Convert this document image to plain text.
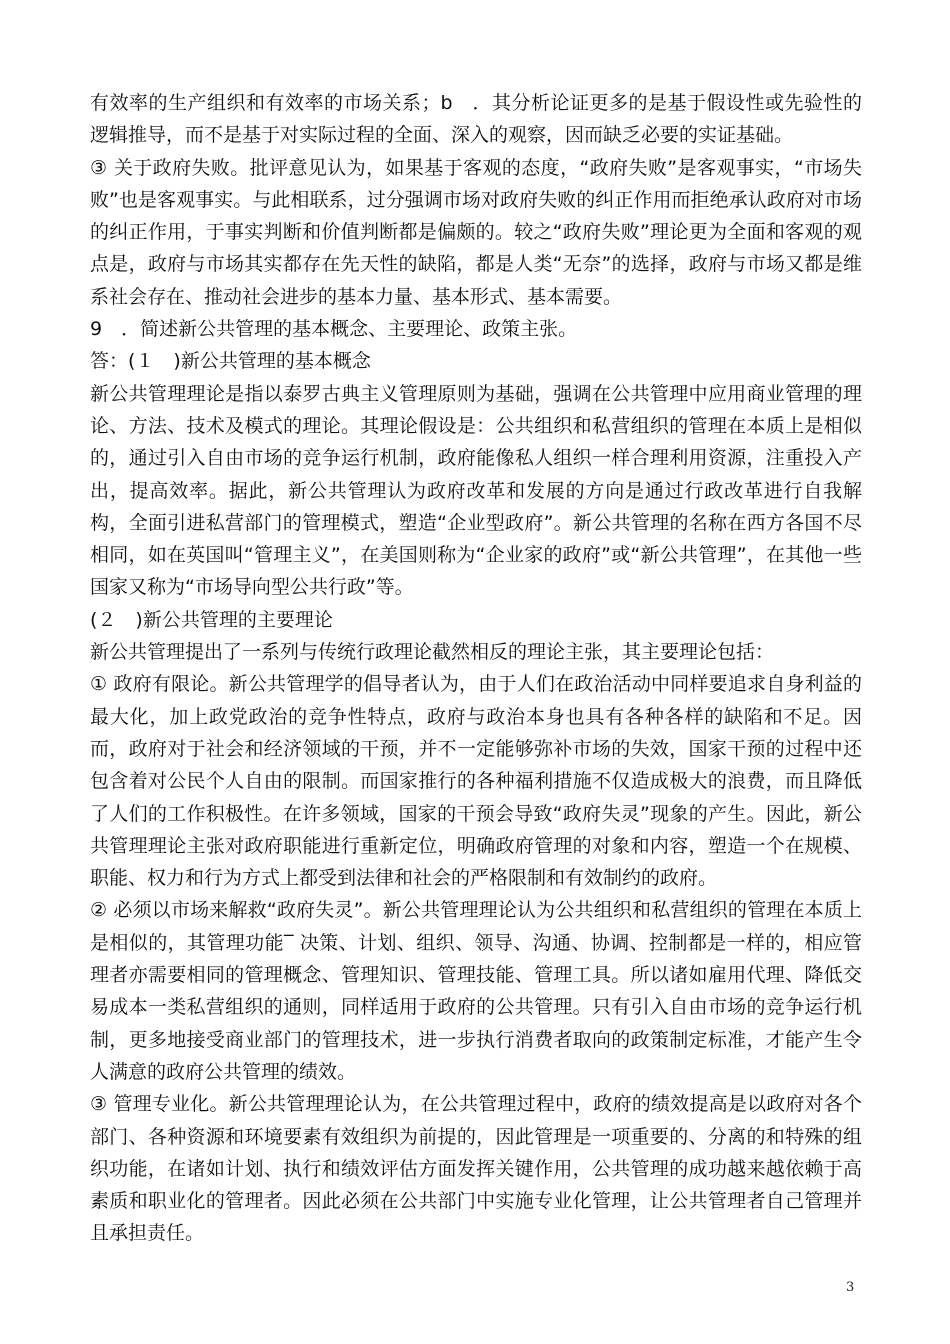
有效率的生产组织和有效率的市场关系；b　．其分析论证更多的是基于假设性或先验性的逻辑推导，而不是基于对实际过程的全面、深入的观察，因而缺乏必要的实证基础。

③ 关于政府失败。批评意见认为，如果基于客观的态度，“政府失败”是客观事实，“市场失败”也是客观事实。与此相联系，过分强调市场对政府失败的纠正作用而拒绝承认政府对市场的纠正作用，于事实判断和价值判断都是偏颇的。较之“政府失败”理论更为全面和客观的观点是，政府与市场其实都存在先天性的缺陷，都是人类“无奈”的选择，政府与市场又都是维系社会存在、推动社会进步的基本力量、基本形式、基本需要。

9　．简述新公共管理的基本概念、主要理论、政策主张。

答：(１　)新公共管理的基本概念

新公共管理理论是指以泰罗古典主义管理原则为基础，强调在公共管理中应用商业管理的理论、方法、技术及模式的理论。其理论假设是：公共组织和私营组织的管理在本质上是相似的，通过引入自由市场的竞争运行机制，政府能像私人组织一样合理利用资源，注重投入产出，提高效率。据此，新公共管理认为政府改革和发展的方向是通过行政改革进行自我解构，全面引进私营部门的管理模式，塑造“企业型政府”。新公共管理的名称在西方各国不尽相同，如在英国叫“管理主义”，在美国则称为“企业家的政府”或“新公共管理”，在其他一些国家又称为“市场导向型公共行政”等。

(２　)新公共管理的主要理论

新公共管理提出了一系列与传统行政理论截然相反的理论主张，其主要理论包括：

① 政府有限论。新公共管理学的倡导者认为，由于人们在政治活动中同样要追求自身利益的最大化，加上政党政治的竞争性特点，政府与政治本身也具有各种各样的缺陷和不足。因而，政府对于社会和经济领域的干预，并不一定能够弥补市场的失效，国家干预的过程中还包含着对公民个人自由的限制。而国家推行的各种福利措施不仅造成极大的浪费，而且降低了人们的工作积极性。在许多领域，国家的干预会导致“政府失灵”现象的产生。因此，新公共管理理论主张对政府职能进行重新定位，明确政府管理的对象和内容，塑造一个在规模、职能、权力和行为方式上都受到法律和社会的严格限制和有效制约的政府。

② 必须以市场来解救“政府失灵”。新公共管理理论认为公共组织和私营组织的管理在本质上是相似的，其管理功能‾ 决策、计划、组织、领导、沟通、协调、控制都是一样的，相应管理者亦需要相同的管理概念、管理知识、管理技能、管理工具。所以诸如雇用代理、降低交易成本一类私营组织的通则，同样适用于政府的公共管理。只有引入自由市场的竞争运行机制，更多地接受商业部门的管理技术，进一步执行消费者取向的政策制定标准，才能产生令人满意的政府公共管理的绩效。

③ 管理专业化。新公共管理理论认为，在公共管理过程中，政府的绩效提高是以政府对各个部门、各种资源和环境要素有效组织为前提的，因此管理是一项重要的、分离的和特殊的组织功能，在诸如计划、执行和绩效评估方面发挥关键作用，公共管理的成功越来越依赖于高素质和职业化的管理者。因此必须在公共部门中实施专业化管理，让公共管理者自己管理并且承担责任。

3
